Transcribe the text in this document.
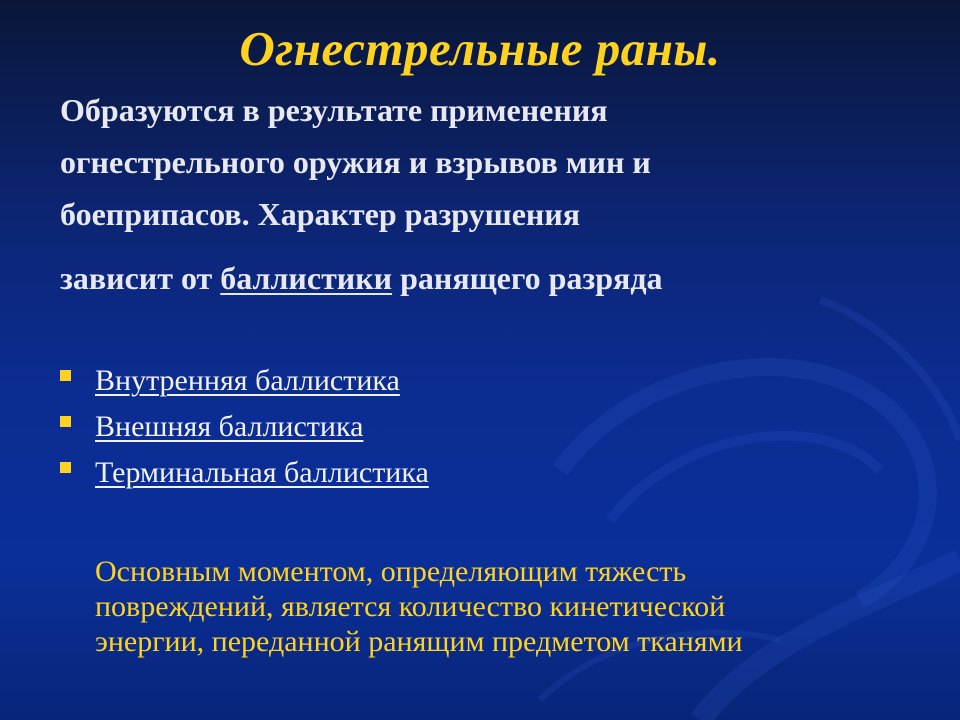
Огнестрельные раны.

Образуются в результате применения
огнестрельного оружия и взрывов мин и
боеприпасов. Характер разрушения

зависит от баллистики ранящего разряда

Внутренняя баллистика
Внешняя баллистика
Терминальная баллистика

Основным моментом, определяющим тяжесть
повреждений, является количество кинетической
энергии, переданной ранящим предметом тканями
